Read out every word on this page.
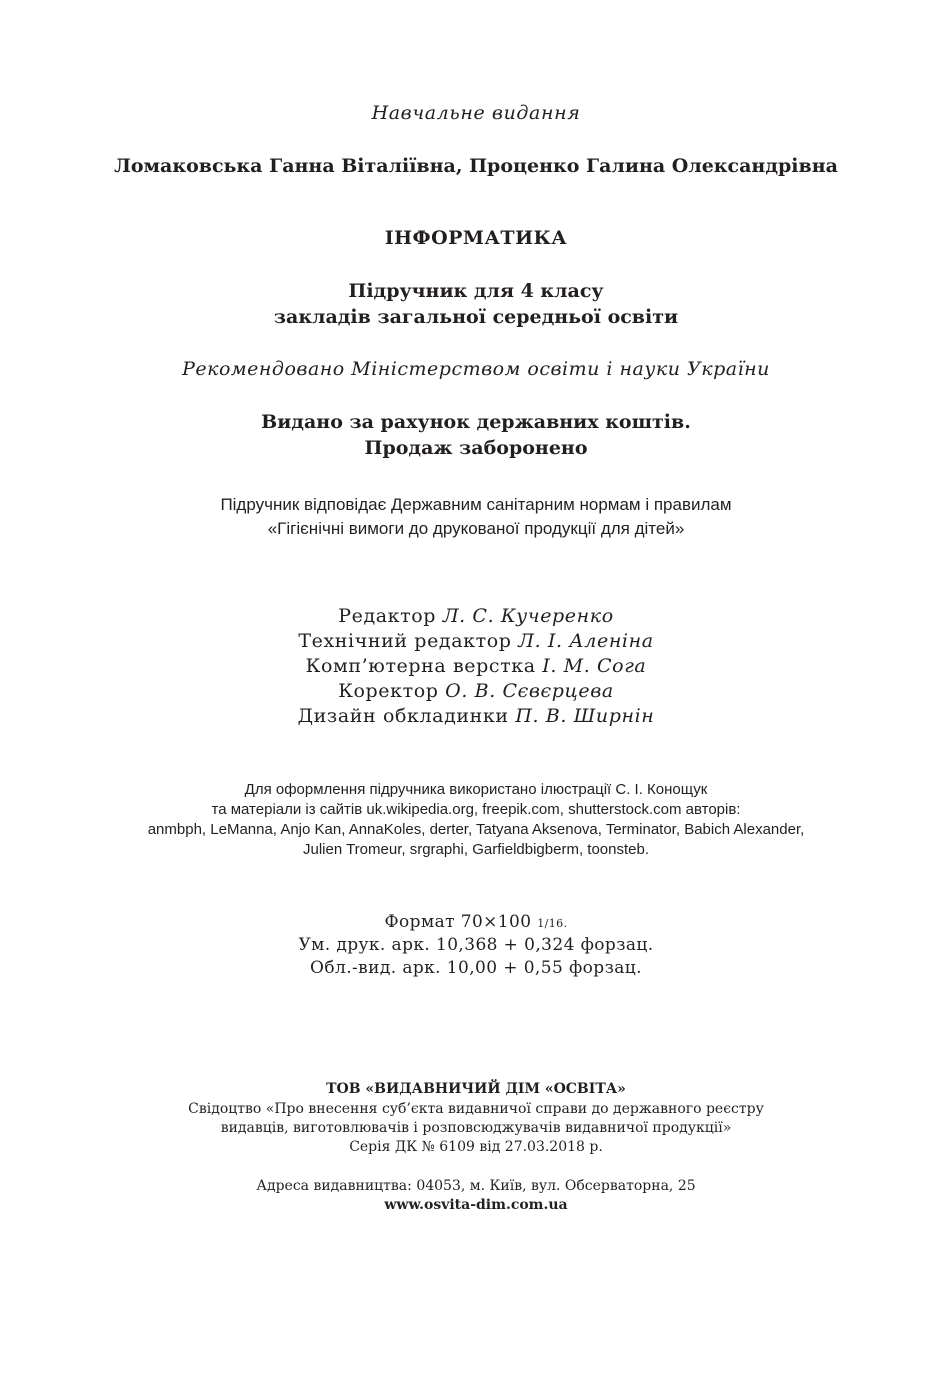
Навчальне видання
Ломаковська Ганна Віталіївна, Проценко Галина Олександрівна
ІНФОРМАТИКА
Підручник для 4 класу
закладів загальної середньої освіти
Рекомендовано Міністерством освіти і науки України
Видано за рахунок державних коштів.
Продаж заборонено
Підручник відповідає Державним санітарним нормам і правилам
«Гігієнічні вимоги до друкованої продукції для дітей»
Редактор Л. С. Кучеренко
Технічний редактор Л. І. Аленіна
Комп’ютерна верстка І. М. Сога
Коректор О. В. Сєвєрцева
Дизайн обкладинки П. В. Ширнін
Для оформлення підручника використано ілюстрації С. І. Конощук
та матеріали із сайтів uk.wikipedia.org, freepik.com, shutterstock.com авторів:
anmbph, LeManna, Anjo Kan, AnnaKoles, derter, Tatyana Aksenova, Terminator, Babich Alexander,
Julien Tromeur, srgraphi, Garfieldbigberm, toonsteb.
Формат 70×100 1/16.
Ум. друк. арк. 10,368 + 0,324 форзац.
Обл.-вид. арк. 10,00 + 0,55 форзац.
ТОВ «ВИДАВНИЧИЙ ДІМ «ОСВІТА»
Свідоцтво «Про внесення суб’єкта видавничої справи до державного реєстру
видавців, виготовлювачів і розповсюджувачів видавничої продукції»
Серія ДК № 6109 від 27.03.2018 р.
Адреса видавництва: 04053, м. Київ, вул. Обсерваторна, 25
www.osvita-dim.com.ua
